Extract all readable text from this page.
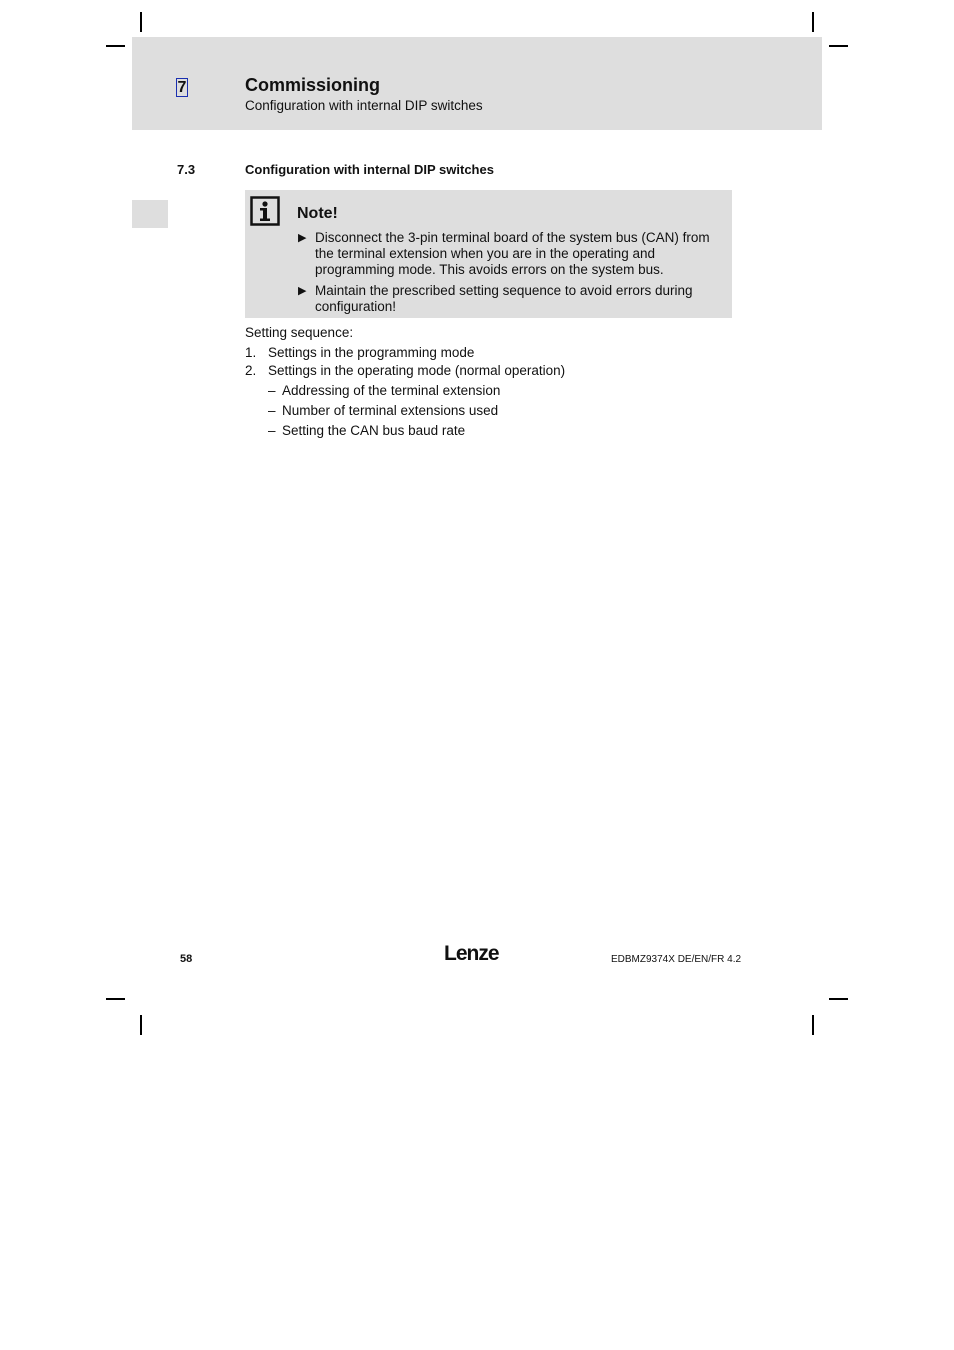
7	Commissioning
Configuration with internal DIP switches
7.3	Configuration with internal DIP switches
Note!
▶ Disconnect the 3-pin terminal board of the system bus (CAN) from the terminal extension when you are in the operating and programming mode. This avoids errors on the system bus.
▶ Maintain the prescribed setting sequence to avoid errors during configuration!
Setting sequence:
1. Settings in the programming mode
2. Settings in the operating mode (normal operation)
– Addressing of the terminal extension
– Number of terminal extensions used
– Setting the CAN bus baud rate
58	Lenze	EDBMZ9374X DE/EN/FR 4.2
